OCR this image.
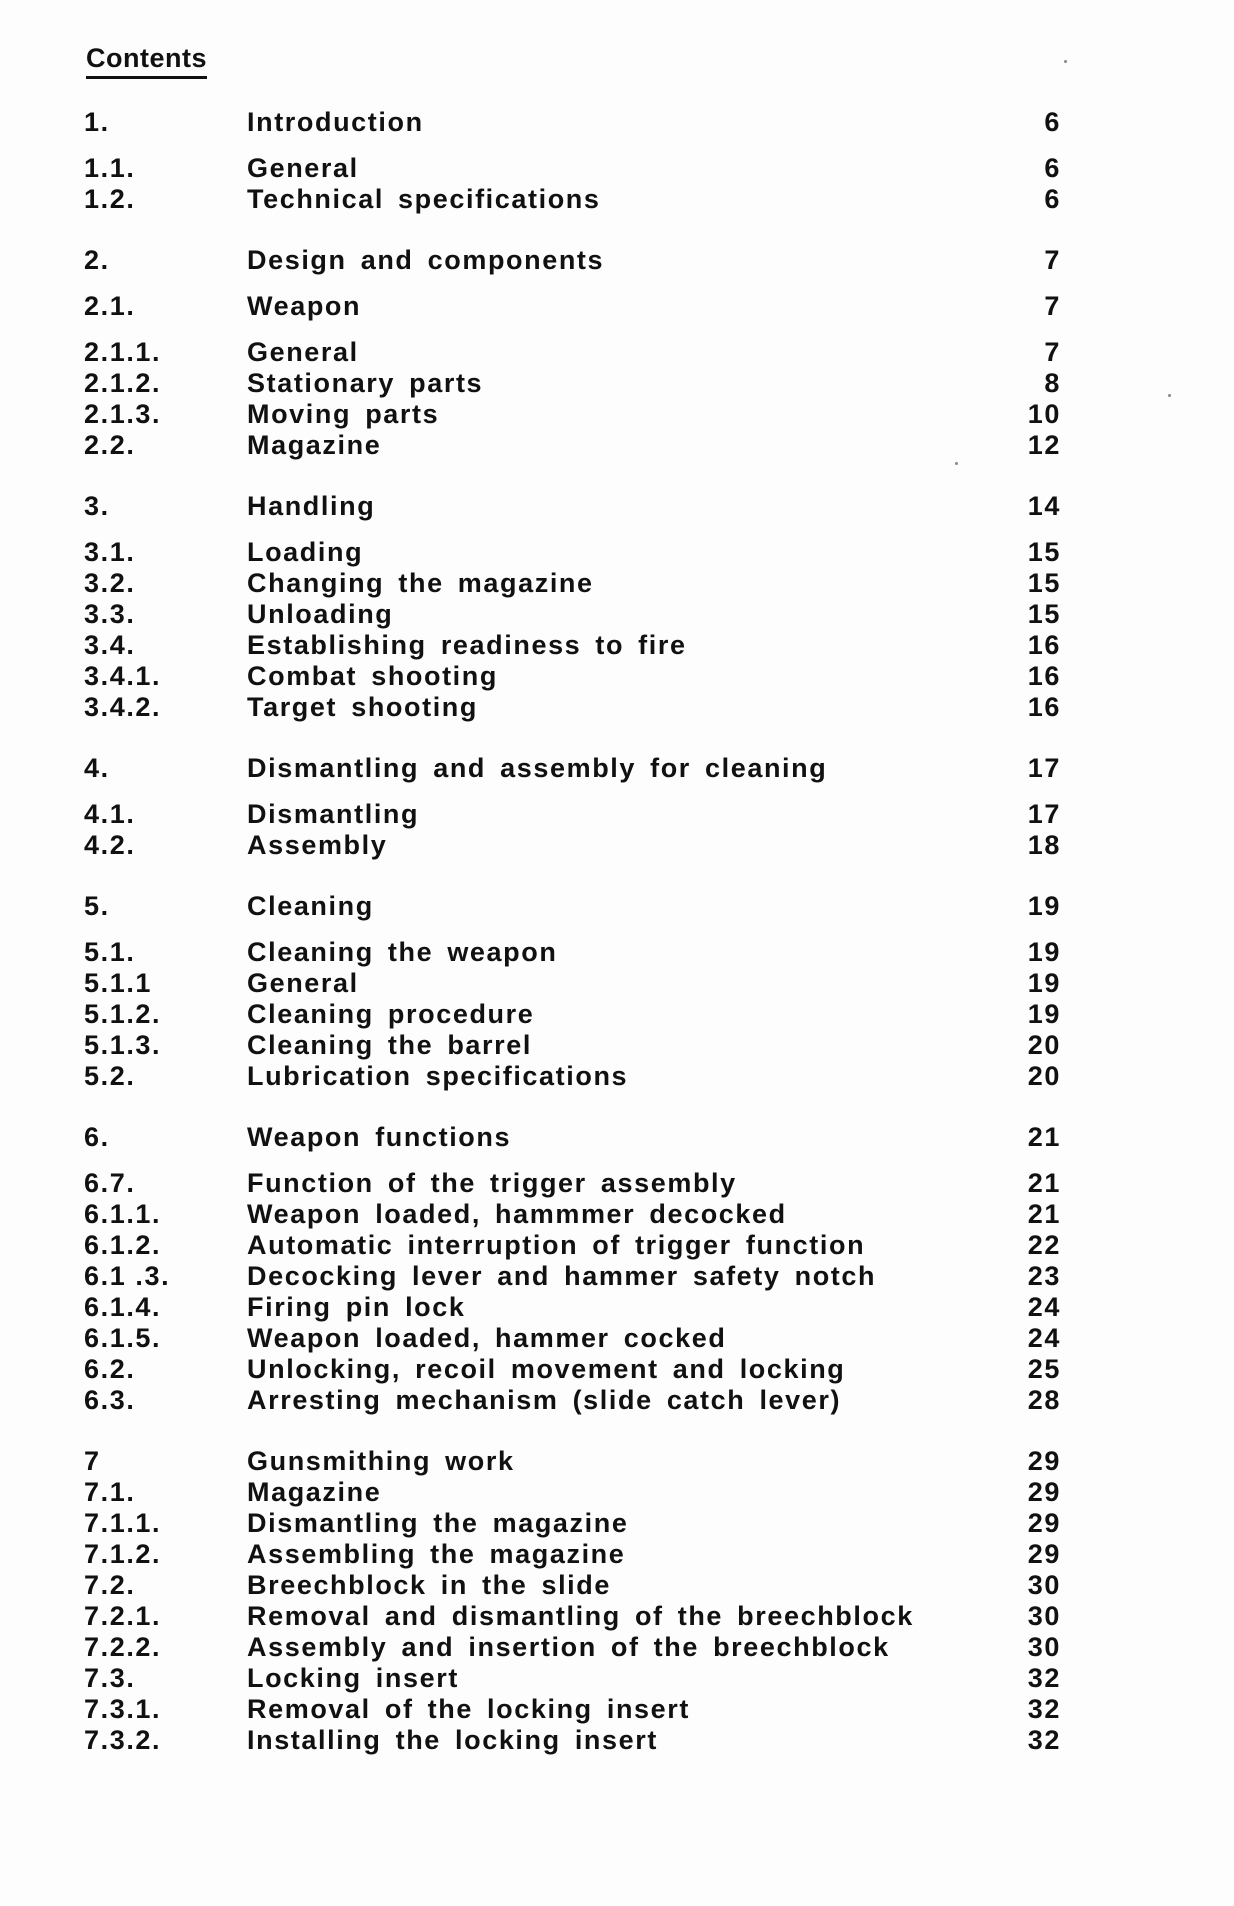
Contents
1.	Introduction	6
1.1.	General	6
1.2.	Technical specifications	6
2.	Design and components	7
2.1.	Weapon	7
2.1.1.	General	7
2.1.2.	Stationary parts	8
2.1.3.	Moving parts	10
2.2.	Magazine	12
3.	Handling	14
3.1.	Loading	15
3.2.	Changing the magazine	15
3.3.	Unloading	15
3.4.	Establishing readiness to fire	16
3.4.1.	Combat shooting	16
3.4.2.	Target shooting	16
4.	Dismantling and assembly for cleaning	17
4.1.	Dismantling	17
4.2.	Assembly	18
5.	Cleaning	19
5.1.	Cleaning the weapon	19
5.1.1	General	19
5.1.2.	Cleaning procedure	19
5.1.3.	Cleaning the barrel	20
5.2.	Lubrication specifications	20
6.	Weapon functions	21
6.7.	Function of the trigger assembly	21
6.1.1.	Weapon loaded, hammmer decocked	21
6.1.2.	Automatic interruption of trigger function	22
6.1 .3.	Decocking lever and hammer safety notch	23
6.1.4.	Firing pin lock	24
6.1.5.	Weapon loaded, hammer cocked	24
6.2.	Unlocking, recoil movement and locking	25
6.3.	Arresting mechanism (slide catch lever)	28
7	Gunsmithing work	29
7.1.	Magazine	29
7.1.1.	Dismantling the magazine	29
7.1.2.	Assembling the magazine	29
7.2.	Breechblock in the slide	30
7.2.1.	Removal and dismantling of the breechblock	30
7.2.2.	Assembly and insertion of the breechblock	30
7.3.	Locking insert	32
7.3.1.	Removal of the locking insert	32
7.3.2.	Installing the locking insert	32
